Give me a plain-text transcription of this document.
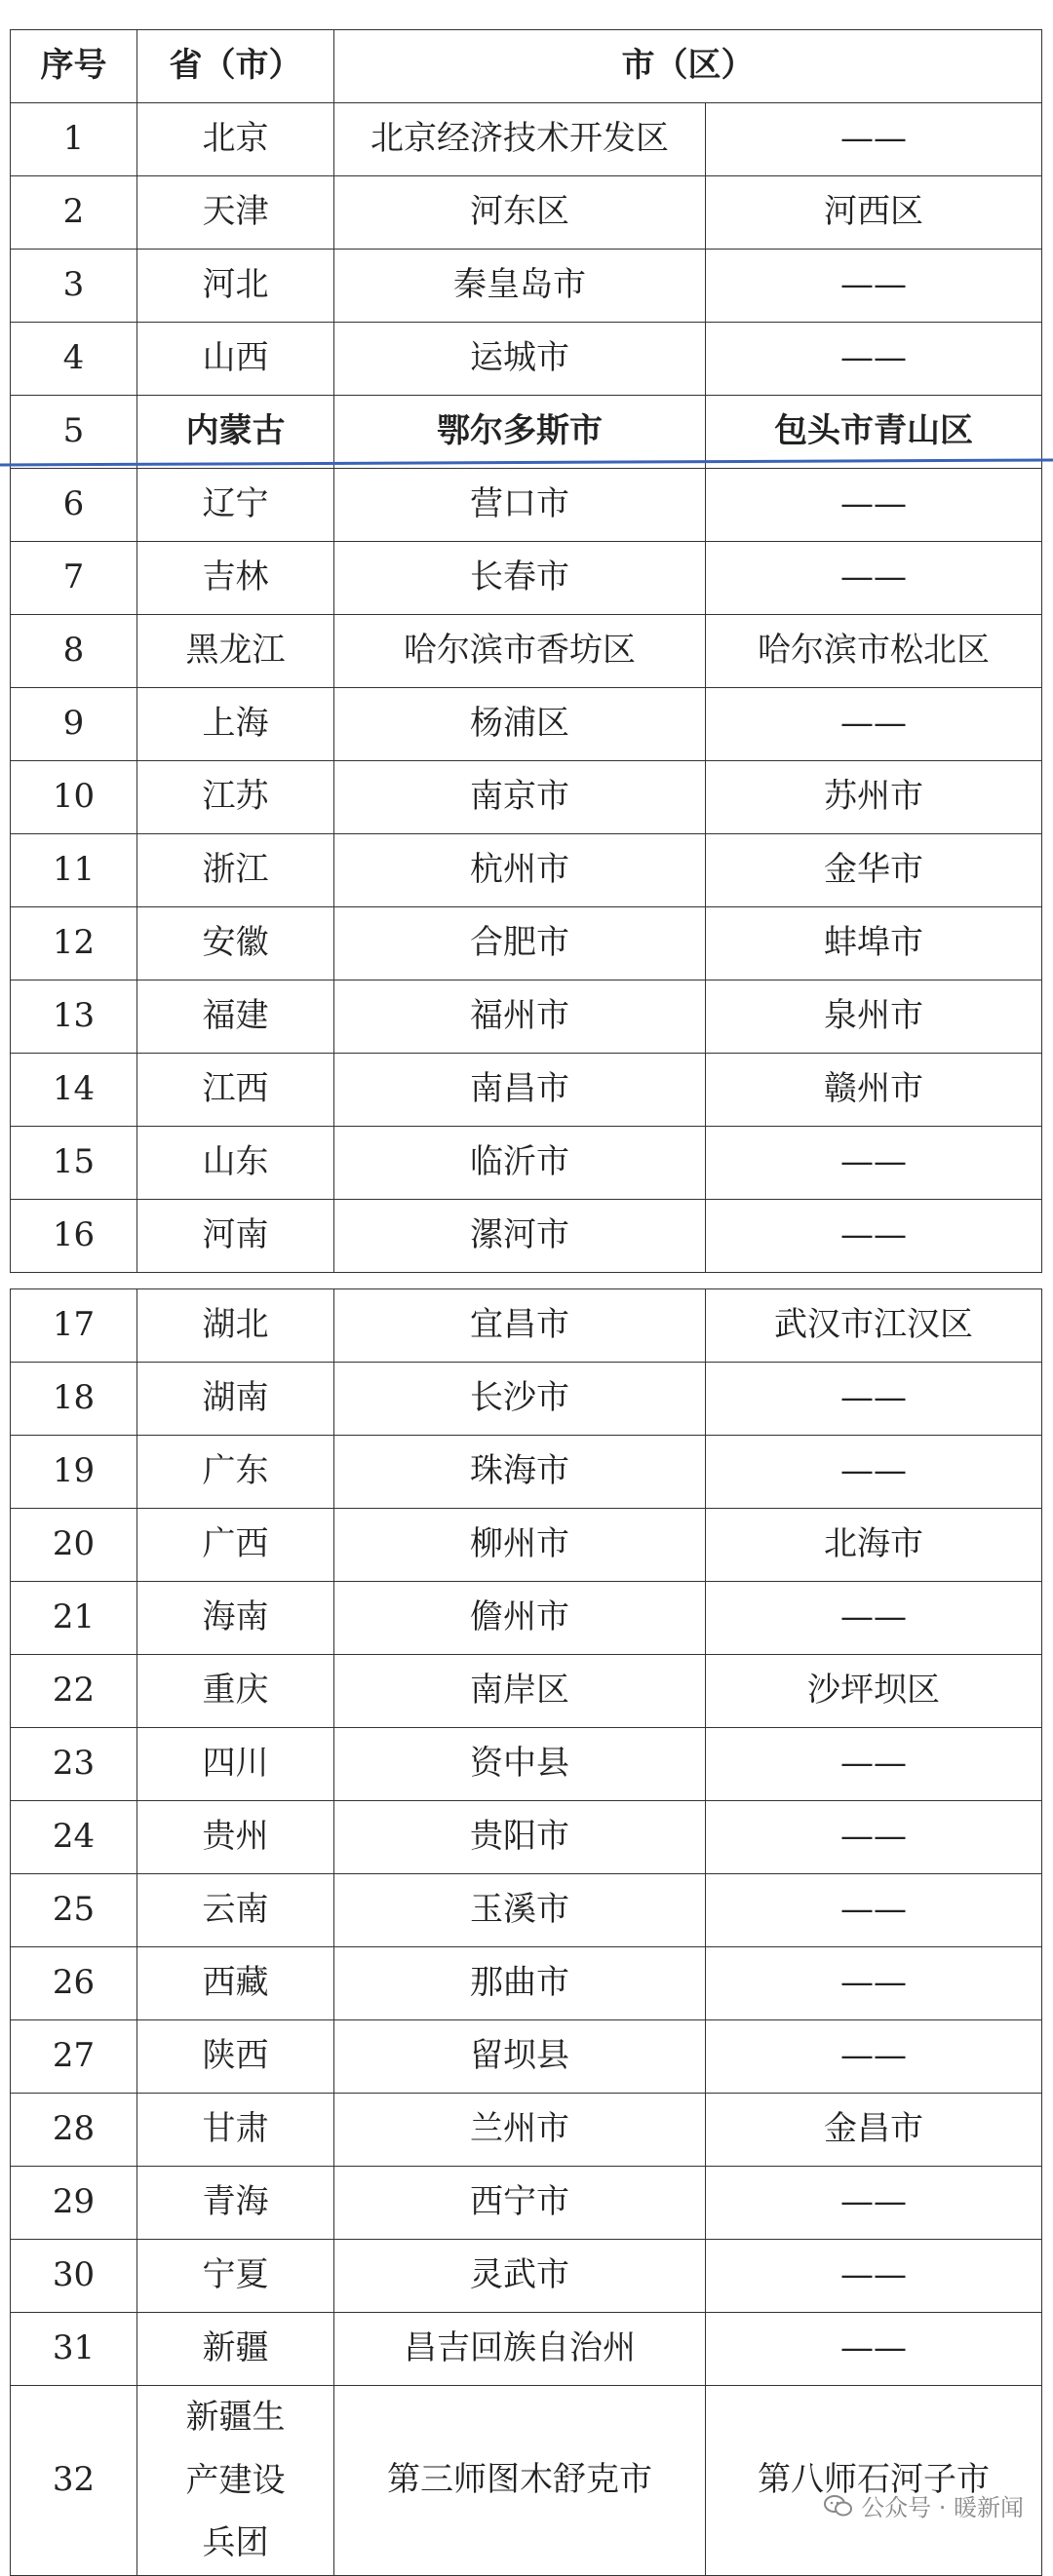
序号	省（市）	市（区）	
1	北京	北京经济技术开发区	——
2	天津	河东区	河西区
3	河北	秦皇岛市	——
4	山西	运城市	——
5	内蒙古	鄂尔多斯市	包头市青山区
6	辽宁	营口市	——
7	吉林	长春市	——
8	黑龙江	哈尔滨市香坊区	哈尔滨市松北区
9	上海	杨浦区	——
10	江苏	南京市	苏州市
11	浙江	杭州市	金华市
12	安徽	合肥市	蚌埠市
13	福建	福州市	泉州市
14	江西	南昌市	赣州市
15	山东	临沂市	——
16	河南	漯河市	——
17	湖北	宜昌市	武汉市江汉区
18	湖南	长沙市	——
19	广东	珠海市	——
20	广西	柳州市	北海市
21	海南	儋州市	——
22	重庆	南岸区	沙坪坝区
23	四川	资中县	——
24	贵州	贵阳市	——
25	云南	玉溪市	——
26	西藏	那曲市	——
27	陕西	留坝县	——
28	甘肃	兰州市	金昌市
29	青海	西宁市	——
30	宁夏	灵武市	——
31	新疆	昌吉回族自治州	——
32	新疆生产建设兵团	第三师图木舒克市	第八师石河子市
公众号 · 暖新闻
